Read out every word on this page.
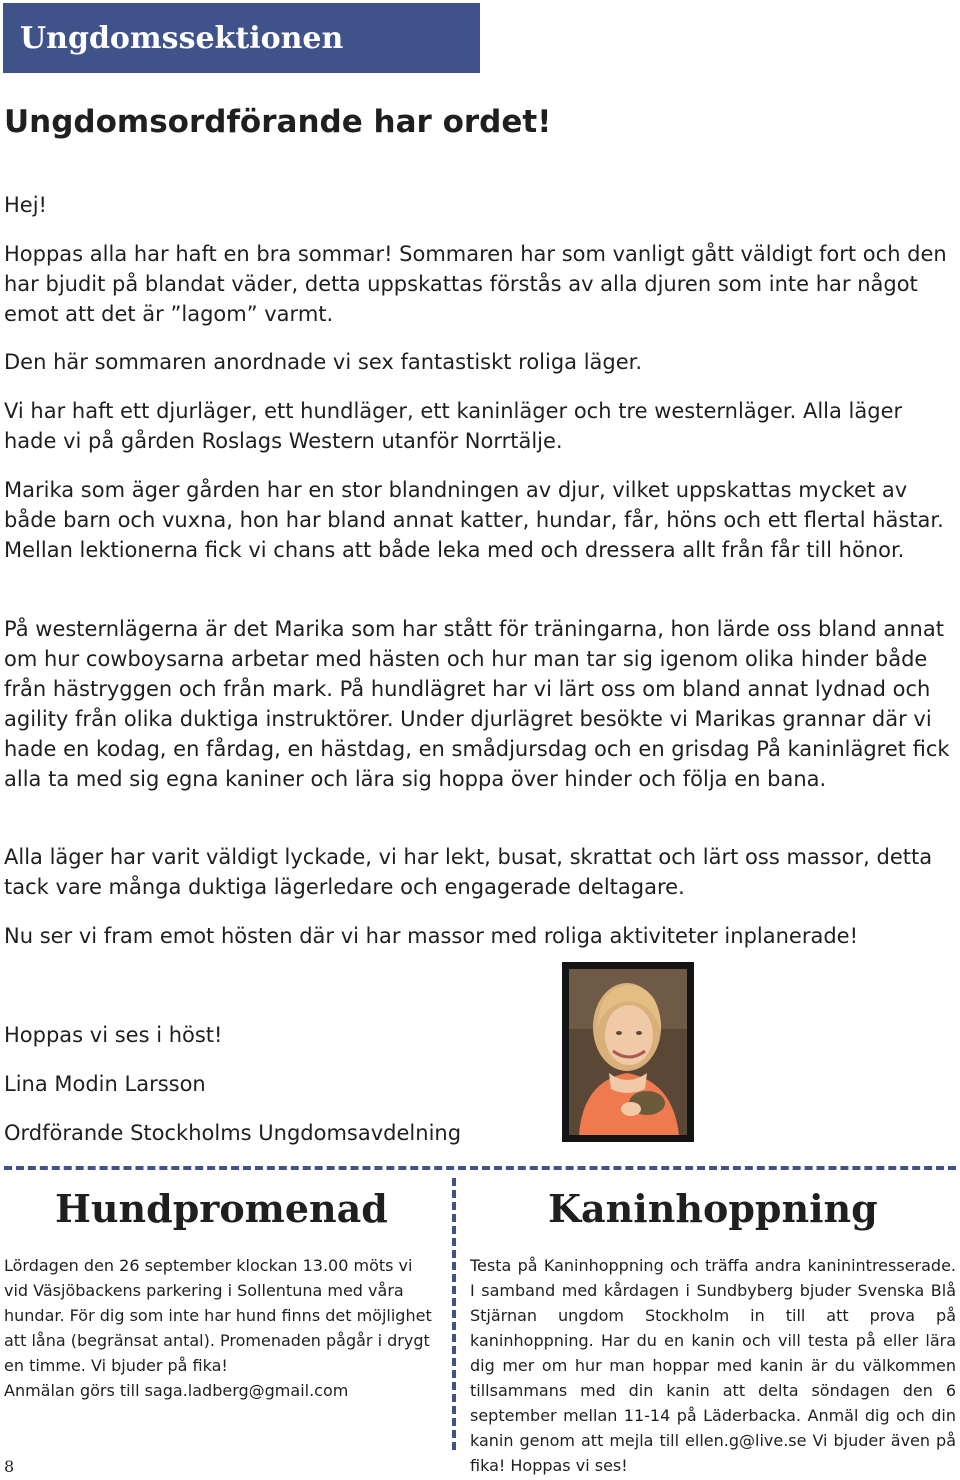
Ungdomssektionen
Ungdomsordförande har ordet!

Hej!

Hoppas alla har haft en bra sommar! Sommaren har som vanligt gått väldigt fort och den har bjudit på blandat väder, detta uppskattas förstås av alla djuren som inte har något emot att det är ”lagom” varmt.

Den här sommaren anordnade vi sex fantastiskt roliga läger.

Vi har haft ett djurläger, ett hundläger, ett kaninläger och tre westernläger. Alla läger hade vi på gården Roslags Western utanför Norrtälje.

Marika som äger gården har en stor blandningen av djur, vilket uppskattas mycket av både barn och vuxna, hon har bland annat katter, hundar, får, höns och ett flertal hästar. Mellan lektionerna fick vi chans att både leka med och dressera allt från får till hönor.

På westernlägerna är det Marika som har stått för träningarna, hon lärde oss bland annat om hur cowboysarna arbetar med hästen och hur man tar sig igenom olika hinder både från hästryggen och från mark. På hundlägret har vi lärt oss om bland annat lydnad och agility från olika duktiga instruktörer. Under djurlägret besökte vi Marikas grannar där vi hade en kodag, en fårdag, en hästdag, en smådjursdag och en grisdag På kaninlägret fick alla ta med sig egna kaniner och lära sig hoppa över hinder och följa en bana.

Alla läger har varit väldigt lyckade, vi har lekt, busat, skrattat och lärt oss massor, detta tack vare många duktiga lägerledare och engagerade deltagare.

Nu ser vi fram emot hösten där vi har massor med roliga aktiviteter inplanerade!

Hoppas vi ses i höst!

Lina Modin Larsson

Ordförande Stockholms Ungdomsavdelning

Hundpromenad
Lördagen den 26 september klockan 13.00 möts vi vid Väsjöbackens parkering i Sollentuna med våra hundar. För dig som inte har hund finns det möjlighet att låna (begränsat antal). Promenaden pågår i drygt en timme. Vi bjuder på fika!
Anmälan görs till saga.ladberg@gmail.com
Kaninhoppning
Testa på Kaninhoppning och träffa andra kaninintresserade. I samband med kårdagen i Sundbyberg bjuder Svenska Blå Stjärnan ungdom Stockholm in till att prova på kaninhoppning. Har du en kanin och vill testa på eller lära dig mer om hur man hoppar med kanin är du välkommen tillsammans med din kanin att delta söndagen den 6 september mellan 11-14 på Läderbacka. Anmäl dig och din kanin genom att mejla till ellen.g@live.se Vi bjuder även på fika! Hoppas vi ses!

8
